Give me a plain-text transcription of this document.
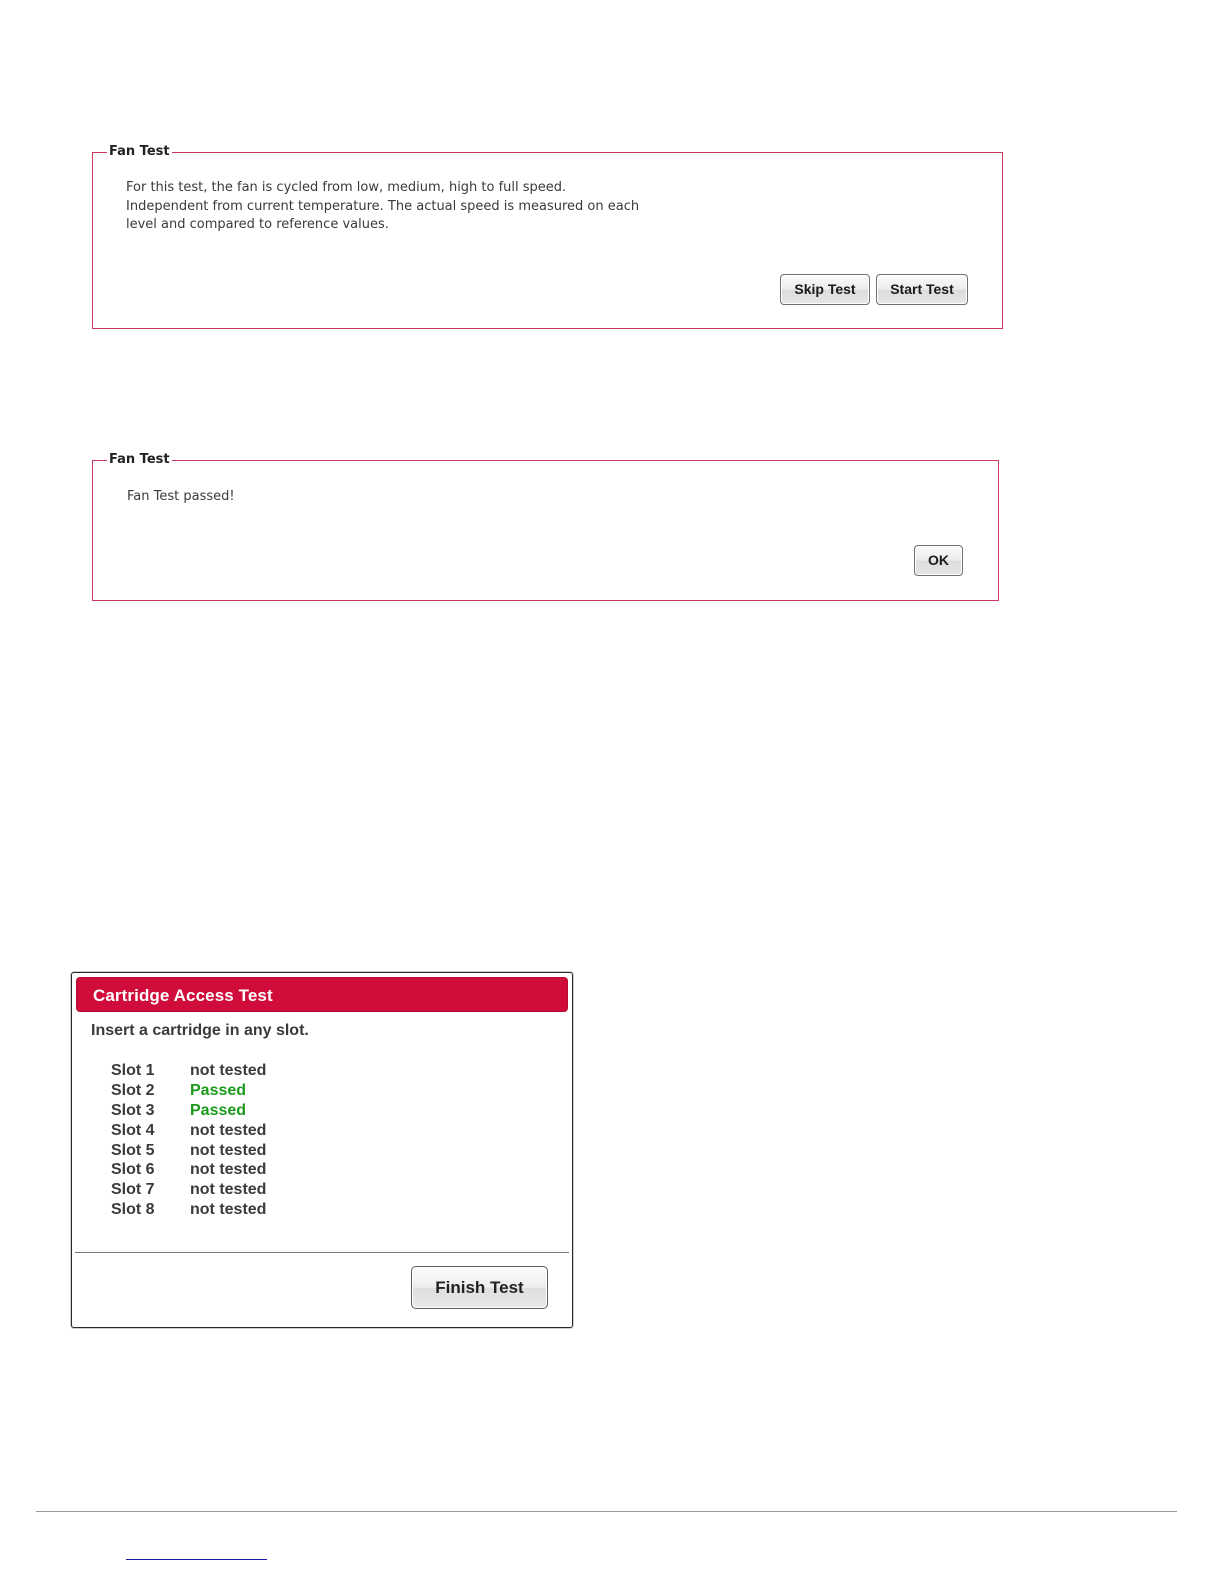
Fan Test
For this test, the fan is cycled from low, medium, high to full speed.
Independent from current temperature. The actual speed is measured on each
level and compared to reference values.
Skip Test	Start Test
Fan Test
Fan Test passed!
OK
Cartridge Access Test
Insert a cartridge in any slot.
Slot 1 not tested
Slot 2 Passed
Slot 3 Passed
Slot 4 not tested
Slot 5 not tested
Slot 6 not tested
Slot 7 not tested
Slot 8 not tested
Finish Test
